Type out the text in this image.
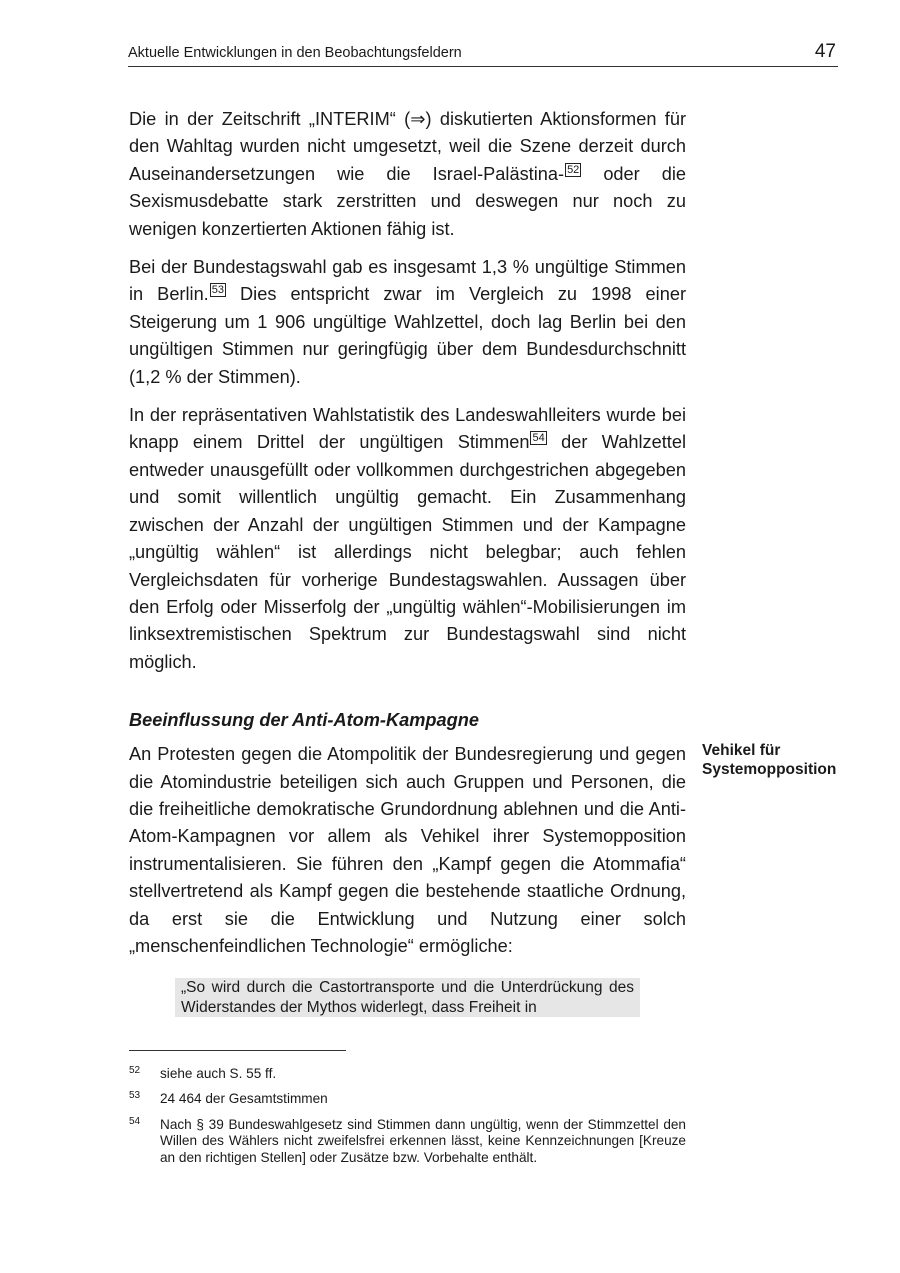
Aktuelle Entwicklungen in den Beobachtungsfeldern	47

Die in der Zeitschrift „INTERIM“ (⇒) diskutierten Aktionsformen für den Wahltag wurden nicht umgesetzt, weil die Szene derzeit durch Auseinandersetzungen wie die Israel-Palästina- $^{52}$ oder die Sexismusdebatte stark zerstritten und deswegen nur noch zu wenigen konzertierten Aktionen fähig ist.

Bei der Bundestagswahl gab es insgesamt 1,3 % ungültige Stimmen in Berlin. $^{53}$ Dies entspricht zwar im Vergleich zu 1998 einer Steigerung um 1 906 ungültige Wahlzettel, doch lag Berlin bei den ungültigen Stimmen nur geringfügig über dem Bundesdurchschnitt (1,2 % der Stimmen).

In der repräsentativen Wahlstatistik des Landeswahlleiters wurde bei knapp einem Drittel der ungültigen Stimmen $^{54}$ der Wahlzettel entweder unausgefüllt oder vollkommen durchgestrichen abgegeben und somit willentlich ungültig gemacht. Ein Zusammenhang zwischen der Anzahl der ungültigen Stimmen und der Kampagne „ungültig wählen“ ist allerdings nicht belegbar; auch fehlen Vergleichsdaten für vorherige Bundestagswahlen. Aussagen über den Erfolg oder Misserfolg der „ungültig wählen“-Mobilisierungen im linksextremistischen Spektrum zur Bundestagswahl sind nicht möglich.

Beeinflussung der Anti-Atom-Kampagne

An Protesten gegen die Atompolitik der Bundesregierung und gegen die Atomindustrie beteiligen sich auch Gruppen und Personen, die die freiheitliche demokratische Grundordnung ablehnen und die Anti-Atom-Kampagnen vor allem als Vehikel ihrer Systemopposition instrumentalisieren. Sie führen den „Kampf gegen die Atommafia“ stellvertretend als Kampf gegen die bestehende staatliche Ordnung, da erst sie die Entwicklung und Nutzung einer solch „menschenfeindlichen Technologie“ ermögliche:

„So wird durch die Castortransporte und die Unterdrückung des Widerstandes der Mythos widerlegt, dass Freiheit in
Vehikel für
Systemopposition
52 siehe auch S. 55 ff.
53 24 464 der Gesamtstimmen
54 Nach § 39 Bundeswahlgesetz sind Stimmen dann ungültig, wenn der Stimmzettel den Willen des Wählers nicht zweifelsfrei erkennen lässt, keine Kennzeichnungen [Kreuze an den richtigen Stellen] oder Zusätze bzw. Vorbehalte enthält.
